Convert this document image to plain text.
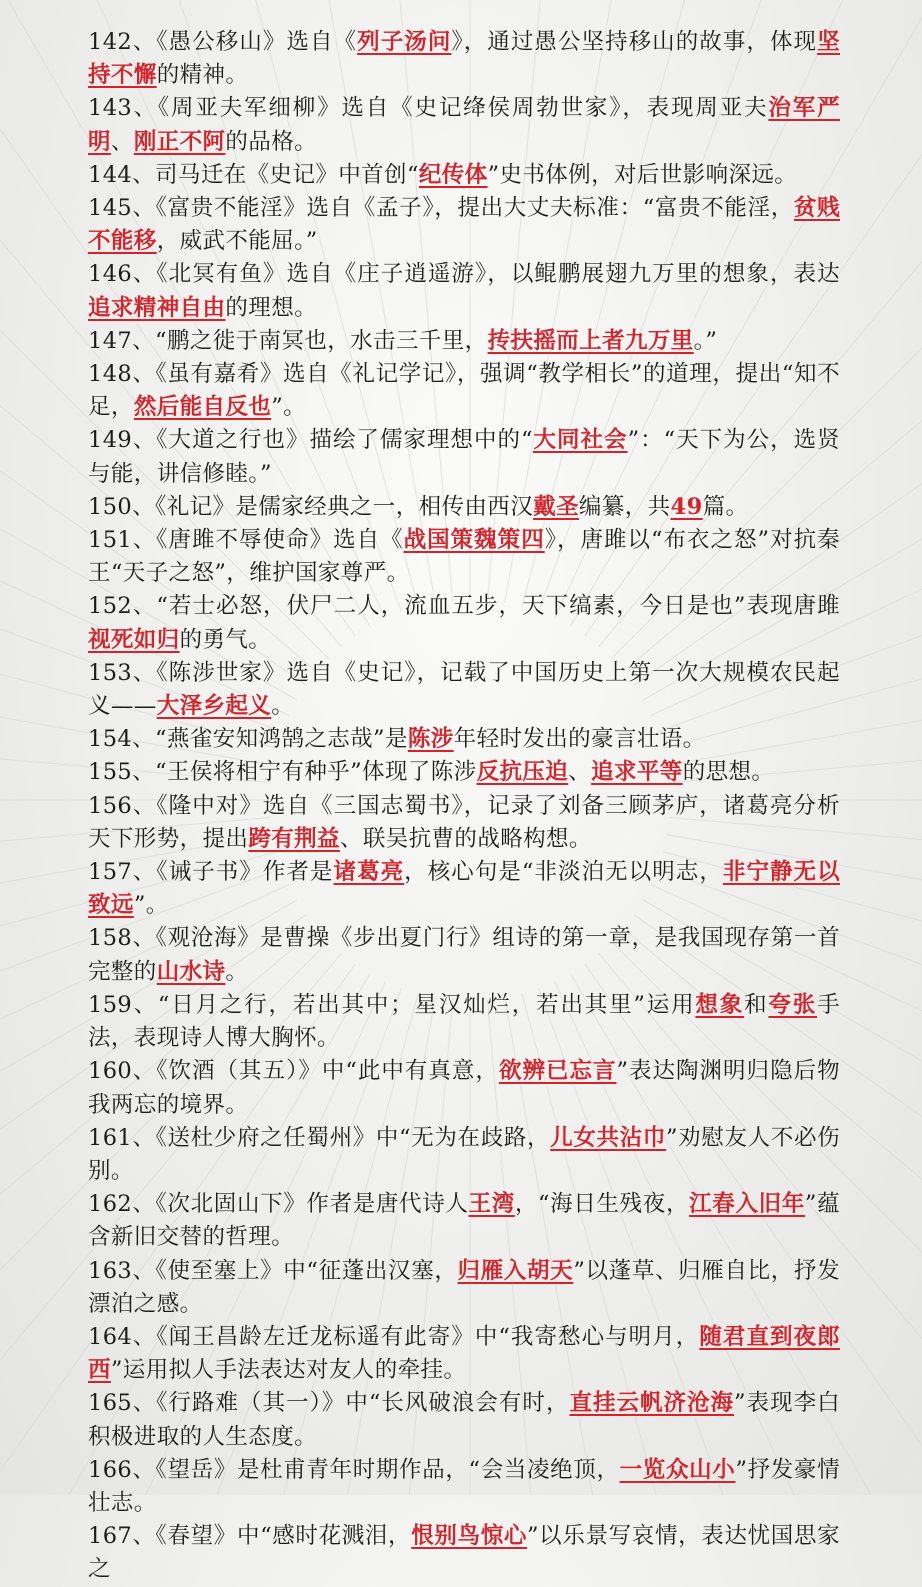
142、《愚公移山》选自《列子汤问》，通过愚公坚持移山的故事，体现坚持不懈的精神。

143、《周亚夫军细柳》选自《史记绛侯周勃世家》，表现周亚夫治军严明、刚正不阿的品格。

144、司马迁在《史记》中首创“纪传体”史书体例，对后世影响深远。

145、《富贵不能淫》选自《孟子》，提出大丈夫标准：“富贵不能淫，贫贱不能移，威武不能屈。”

146、《北冥有鱼》选自《庄子逍遥游》，以鲲鹏展翅九万里的想象，表达追求精神自由的理想。

147、“鹏之徙于南冥也，水击三千里，抟扶摇而上者九万里。”

148、《虽有嘉肴》选自《礼记学记》，强调“教学相长”的道理，提出“知不足，然后能自反也”。

149、《大道之行也》描绘了儒家理想中的“大同社会”：“天下为公，选贤与能，讲信修睦。”

150、《礼记》是儒家经典之一，相传由西汉戴圣编纂，共49篇。

151、《唐雎不辱使命》选自《战国策魏策四》，唐雎以“布衣之怒”对抗秦王“天子之怒”，维护国家尊严。

152、“若士必怒，伏尸二人，流血五步，天下缟素，今日是也”表现唐雎视死如归的勇气。

153、《陈涉世家》选自《史记》，记载了中国历史上第一次大规模农民起义——大泽乡起义。

154、“燕雀安知鸿鹄之志哉”是陈涉年轻时发出的豪言壮语。

155、“王侯将相宁有种乎”体现了陈涉反抗压迫、追求平等的思想。

156、《隆中对》选自《三国志蜀书》，记录了刘备三顾茅庐，诸葛亮分析天下形势，提出跨有荆益、联吴抗曹的战略构想。

157、《诫子书》作者是诸葛亮，核心句是“非淡泊无以明志，非宁静无以致远”。

158、《观沧海》是曹操《步出夏门行》组诗的第一章，是我国现存第一首完整的山水诗。

159、“日月之行，若出其中；星汉灿烂，若出其里”运用想象和夸张手法，表现诗人博大胸怀。

160、《饮酒（其五）》中“此中有真意，欲辨已忘言”表达陶渊明归隐后物我两忘的境界。

161、《送杜少府之任蜀州》中“无为在歧路，儿女共沾巾”劝慰友人不必伤别。

162、《次北固山下》作者是唐代诗人王湾，“海日生残夜，江春入旧年”蕴含新旧交替的哲理。

163、《使至塞上》中“征蓬出汉塞，归雁入胡天”以蓬草、归雁自比，抒发漂泊之感。

164、《闻王昌龄左迁龙标遥有此寄》中“我寄愁心与明月，随君直到夜郎西”运用拟人手法表达对友人的牵挂。

165、《行路难（其一）》中“长风破浪会有时，直挂云帆济沧海”表现李白积极进取的人生态度。

166、《望岳》是杜甫青年时期作品，“会当凌绝顶，一览众山小”抒发豪情壮志。

167、《春望》中“感时花溅泪，恨别鸟惊心”以乐景写哀情，表达忧国思家之
